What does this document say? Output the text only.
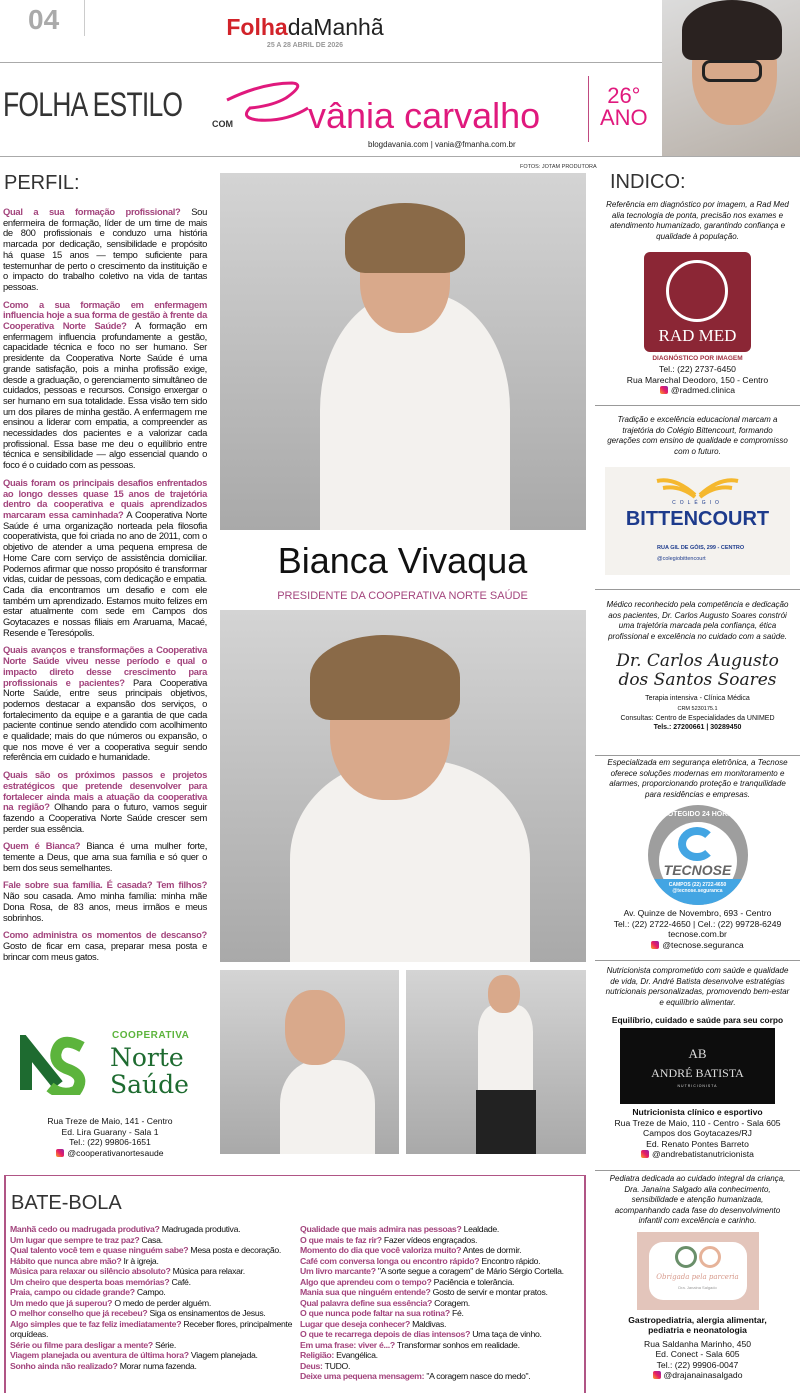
04	FolhadaManhã
25 A 28 ABRIL DE 2026
FOLHA ESTILO	COM vânia carvalho
blogdavania.com | vania@fmanha.com.br
26°
ANO
PERFIL:

Qual a sua formação profissional? Sou enfermeira de formação, líder de um time de mais de 800 profissionais e conduzo uma história marcada por dedicação, sensibilidade e propósito há quase 15 anos — tempo suficiente para testemunhar de perto o crescimento da instituição e o impacto do trabalho coletivo na vida de tantas pessoas.

Como a sua formação em enfermagem influencia hoje a sua forma de gestão à frente da Cooperativa Norte Saúde? A formação em enfermagem influencia profundamente a gestão, capacidade técnica e foco no ser humano. Ser presidente da Cooperativa Norte Saúde é uma grande satisfação, pois a minha profissão exige, desde a graduação, o gerenciamento simultâneo de cuidados, pessoas e recursos. Consigo enxergar o ser humano em sua totalidade. Essa visão tem sido um dos pilares de minha gestão. A enfermagem me ensinou a liderar com empatia, a compreender as necessidades dos pacientes e a valorizar cada profissional. Essa base me deu o equilíbrio entre técnica e sensibilidade — algo essencial quando o foco é o cuidado com as pessoas.

Quais foram os principais desafios enfrentados ao longo desses quase 15 anos de trajetória dentro da cooperativa e quais aprendizados marcaram essa caminhada? A Cooperativa Norte Saúde é uma organização norteada pela filosofia cooperativista, que foi criada no ano de 2011, com o objetivo de atender a uma pequena empresa de Home Care com serviço de assistência domiciliar. Podemos afirmar que nosso propósito é transformar vidas, cuidar de pessoas, com dedicação e empatia. Cada dia encontramos um desafio e com ele também um aprendizado. Estamos muito felizes em estar atualmente com sede em Campos dos Goytacazes e nossas filiais em Araruama, Macaé, Resende e Teresópolis.

Quais avanços e transformações a Cooperativa Norte Saúde viveu nesse período e qual o impacto direto desse crescimento para profissionais e pacientes? Para Cooperativa Norte Saúde, entre seus principais objetivos, podemos destacar a expansão dos serviços, o fortalecimento da equipe e a garantia de que cada paciente continue sendo atendido com acolhimento e qualidade; mais do que números ou expansão, o que nos move é ver a cooperativa seguir sendo referência em cuidado e humanidade.

Quais são os próximos passos e projetos estratégicos que pretende desenvolver para fortalecer ainda mais a atuação da cooperativa na região? Olhando para o futuro, vamos seguir fazendo a Cooperativa Norte Saúde crescer sem perder sua essência.

Quem é Bianca? Bianca é uma mulher forte, temente a Deus, que ama sua família e só quer o bem dos seus semelhantes.

Fale sobre sua família. É casada? Tem filhos? Não sou casada. Amo minha família: minha mãe Dona Rosa, de 83 anos, meus irmãos e meus sobrinhos.

Como administra os momentos de descanso? Gosto de ficar em casa, preparar mesa posta e brincar com meus gatos.

COOPERATIVA
Norte
Saúde
Rua Treze de Maio, 141 - Centro
Ed. Lira Guarany - Sala 1
Tel.: (22) 99806-1651
@cooperativanortesaude
FOTOS: JOTAM PRODUTORA
Bianca Vivaqua
PRESIDENTE DA COOPERATIVA NORTE SAÚDE
BATE-BOLA
Manhã cedo ou madrugada produtiva? Madrugada produtiva.
Um lugar que sempre te traz paz? Casa.
Qual talento você tem e quase ninguém sabe? Mesa posta e decoração.
Hábito que nunca abre mão? Ir à igreja.
Música para relaxar ou silêncio absoluto? Música para relaxar.
Um cheiro que desperta boas memórias? Café.
Praia, campo ou cidade grande? Campo.
Um medo que já superou? O medo de perder alguém.
O melhor conselho que já recebeu? Siga os ensinamentos de Jesus.
Algo simples que te faz feliz imediatamente? Receber flores, principalmente orquídeas.
Série ou filme para desligar a mente? Série.
Viagem planejada ou aventura de última hora? Viagem planejada.
Sonho ainda não realizado? Morar numa fazenda.
Qualidade que mais admira nas pessoas? Lealdade.
O que mais te faz rir? Fazer vídeos engraçados.
Momento do dia que você valoriza muito? Antes de dormir.
Café com conversa longa ou encontro rápido? Encontro rápido.
Um livro marcante? "A sorte segue a coragem" de Mário Sérgio Cortella.
Algo que aprendeu com o tempo? Paciência e tolerância.
Mania sua que ninguém entende? Gosto de servir e montar pratos.
Qual palavra define sua essência? Coragem.
O que nunca pode faltar na sua rotina? Fé.
Lugar que deseja conhecer? Maldivas.
O que te recarrega depois de dias intensos? Uma taça de vinho.
Em uma frase: viver é...? Transformar sonhos em realidade.
Religião: Evangélica.
Deus: TUDO.
Deixe uma pequena mensagem: "A coragem nasce do medo".
INDICO:
Referência em diagnóstico por imagem, a Rad Med alia tecnologia de ponta, precisão nos exames e atendimento humanizado, garantindo confiança e qualidade à população.
RAD MED
DIAGNÓSTICO POR IMAGEM
Tel.: (22) 2737-6450
Rua Marechal Deodoro, 150 - Centro
@radmed.clinica
Tradição e excelência educacional marcam a trajetória do Colégio Bittencourt, formando gerações com ensino de qualidade e compromisso com o futuro.
COLÉGIO
BITTENCOURT
RUA GIL DE GÓIS, 299 - CENTRO
@colegiobittencourt
Médico reconhecido pela competência e dedicação aos pacientes, Dr. Carlos Augusto Soares constrói uma trajetória marcada pela confiança, ética profissional e excelência no cuidado com a saúde.
Dr. Carlos Augusto
dos Santos Soares
Terapia intensiva - Clínica Médica
CRM 5230175.1
Consultas: Centro de Especialidades da UNIMED
Tels.: 27200661 | 30289450
Especializada em segurança eletrônica, a Tecnose oferece soluções modernas em monitoramento e alarmes, proporcionando proteção e tranquilidade para residências e empresas.
PROTEGIDO 24 HORAS
TECNOSE
CAMPOS (22) 2722-4650
@tecnose.seguranca
Av. Quinze de Novembro, 693 - Centro
Tel.: (22) 2722-4650 | Cel.: (22) 99728-6249
tecnose.com.br
@tecnose.seguranca
Nutricionista comprometido com saúde e qualidade de vida, Dr. André Batista desenvolve estratégias nutricionais personalizadas, promovendo bem-estar e equilíbrio alimentar.
Equilíbrio, cuidado e saúde para seu corpo
AB
ANDRÉ BATISTA
NUTRICIONISTA
Nutricionista clínico e esportivo
Rua Treze de Maio, 110 - Centro - Sala 605
Campos dos Goytacazes/RJ
Ed. Renato Pontes Barreto
@andrebatistanutricionista
Pediatra dedicada ao cuidado integral da criança, Dra. Janaína Salgado alia conhecimento, sensibilidade e atenção humanizada, acompanhando cada fase do desenvolvimento infantil com excelência e carinho.
Obrigada pela parceria
Dra. Janaina Salgado
Gastropediatria, alergia alimentar, pediatria e neonatologia
Rua Saldanha Marinho, 450
Ed. Conect - Sala 605
Tel.: (22) 99906-0047
@drajanainasalgado
